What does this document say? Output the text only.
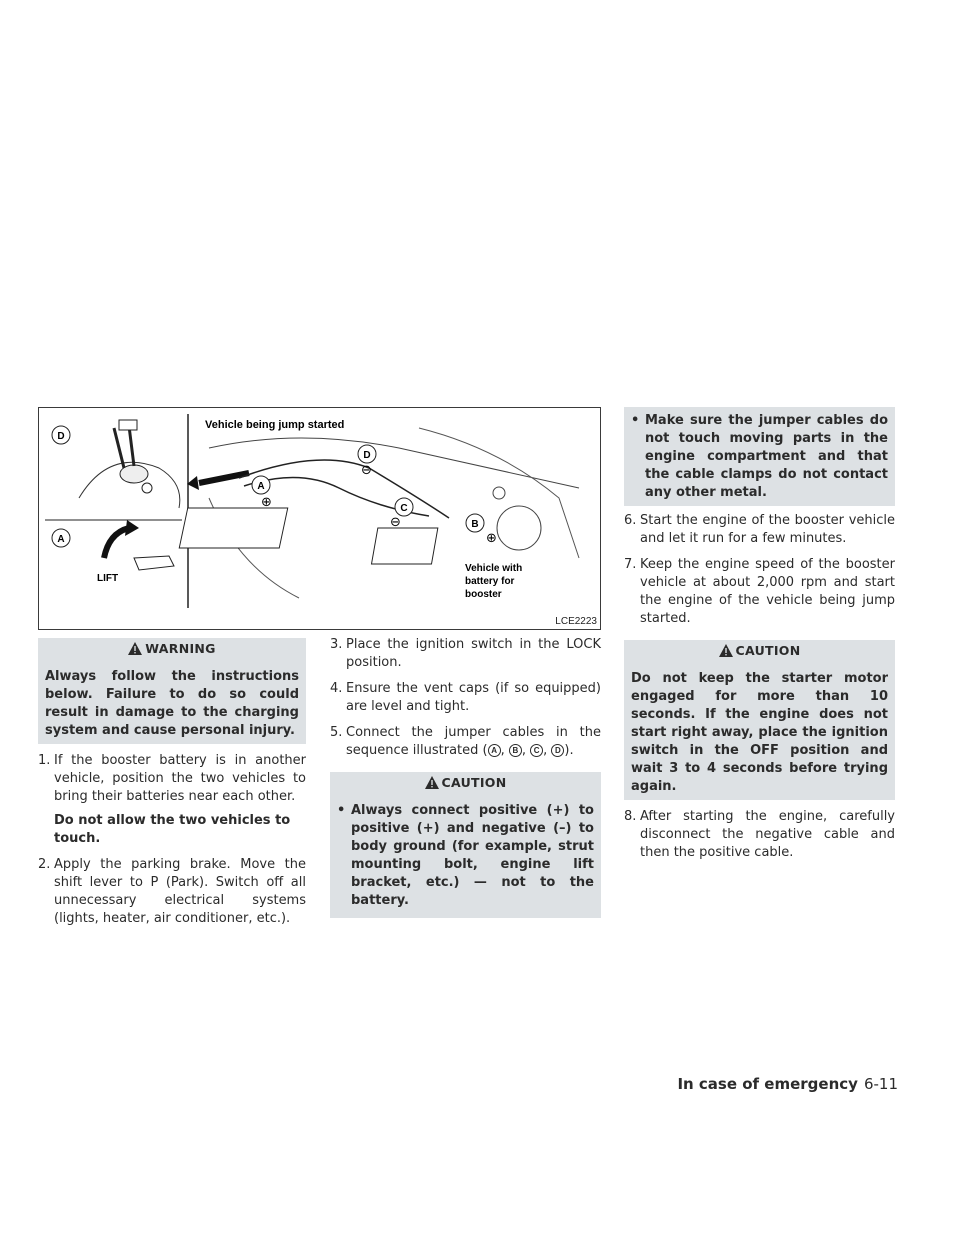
D
A
LIFT
Vehicle being jump started
A
D
C
B
⊕
⊖
⊖
⊕
Vehicle with
battery for
booster
LCE2223
WARNING
Always follow the instructions below. Failure to do so could result in damage to the charging system and cause personal injury.
1. If the booster battery is in another vehicle, position the two vehicles to bring their batteries near each other.
Do not allow the two vehicles to touch.
2. Apply the parking brake. Move the shift lever to P (Park). Switch off all unnecessary electrical systems (lights, heater, air conditioner, etc.).
3. Place the ignition switch in the LOCK position.
4. Ensure the vent caps (if so equipped) are level and tight.
5. Connect the jumper cables in the sequence illustrated ( A , B , C , D ).
CAUTION
• Always connect positive (+) to positive (+) and negative (–) to body ground (for example, strut mounting bolt, engine lift bracket, etc.) — not to the battery.
• Make sure the jumper cables do not touch moving parts in the engine compartment and that the cable clamps do not contact any other metal.
6. Start the engine of the booster vehicle and let it run for a few minutes.
7. Keep the engine speed of the booster vehicle at about 2,000 rpm and start the engine of the vehicle being jump started.
CAUTION
Do not keep the starter motor engaged for more than 10 seconds. If the engine does not start right away, place the ignition switch in the OFF position and wait 3 to 4 seconds before trying again.
8. After starting the engine, carefully disconnect the negative cable and then the positive cable.
In case of emergency 6-11
